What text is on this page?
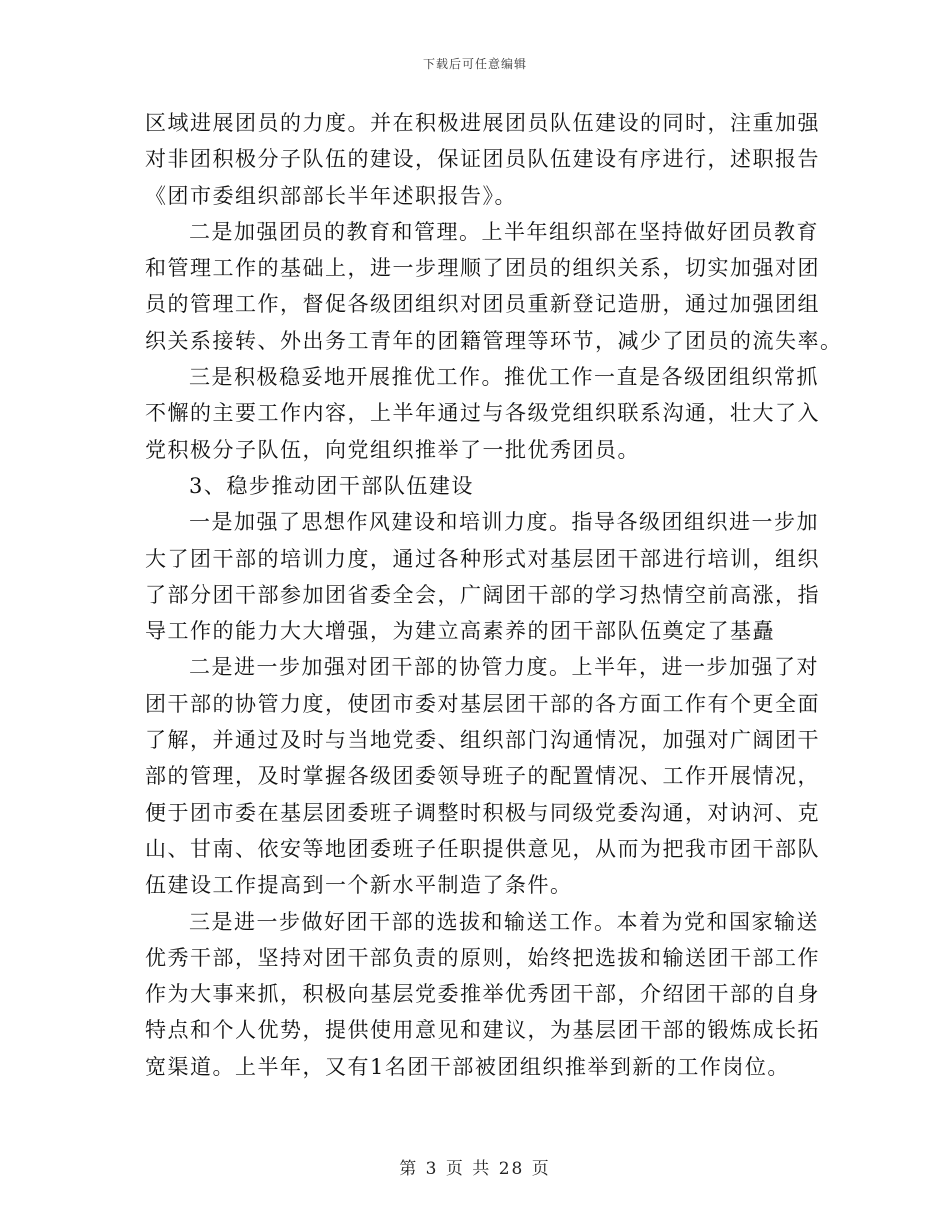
下载后可任意编辑
区域进展团员的力度。并在积极进展团员队伍建设的同时，注重加强
对非团积极分子队伍的建设，保证团员队伍建设有序进行，述职报告
《团市委组织部部长半年述职报告》。
二是加强团员的教育和管理。上半年组织部在坚持做好团员教育
和管理工作的基础上，进一步理顺了团员的组织关系，切实加强对团
员的管理工作，督促各级团组织对团员重新登记造册，通过加强团组
织关系接转、外出务工青年的团籍管理等环节，减少了团员的流失率。
三是积极稳妥地开展推优工作。推优工作一直是各级团组织常抓
不懈的主要工作内容，上半年通过与各级党组织联系沟通，壮大了入
党积极分子队伍，向党组织推举了一批优秀团员。
3、稳步推动团干部队伍建设
一是加强了思想作风建设和培训力度。指导各级团组织进一步加
大了团干部的培训力度，通过各种形式对基层团干部进行培训，组织
了部分团干部参加团省委全会，广阔团干部的学习热情空前高涨，指
导工作的能力大大增强，为建立高素养的团干部队伍奠定了基矗
二是进一步加强对团干部的协管力度。上半年，进一步加强了对
团干部的协管力度，使团市委对基层团干部的各方面工作有个更全面
了解，并通过及时与当地党委、组织部门沟通情况，加强对广阔团干
部的管理，及时掌握各级团委领导班子的配置情况、工作开展情况，
便于团市委在基层团委班子调整时积极与同级党委沟通，对讷河、克
山、甘南、依安等地团委班子任职提供意见，从而为把我市团干部队
伍建设工作提高到一个新水平制造了条件。
三是进一步做好团干部的选拔和输送工作。本着为党和国家输送
优秀干部，坚持对团干部负责的原则，始终把选拔和输送团干部工作
作为大事来抓，积极向基层党委推举优秀团干部，介绍团干部的自身
特点和个人优势，提供使用意见和建议，为基层团干部的锻炼成长拓
宽渠道。上半年，又有1名团干部被团组织推举到新的工作岗位。
第 3 页 共 28 页
